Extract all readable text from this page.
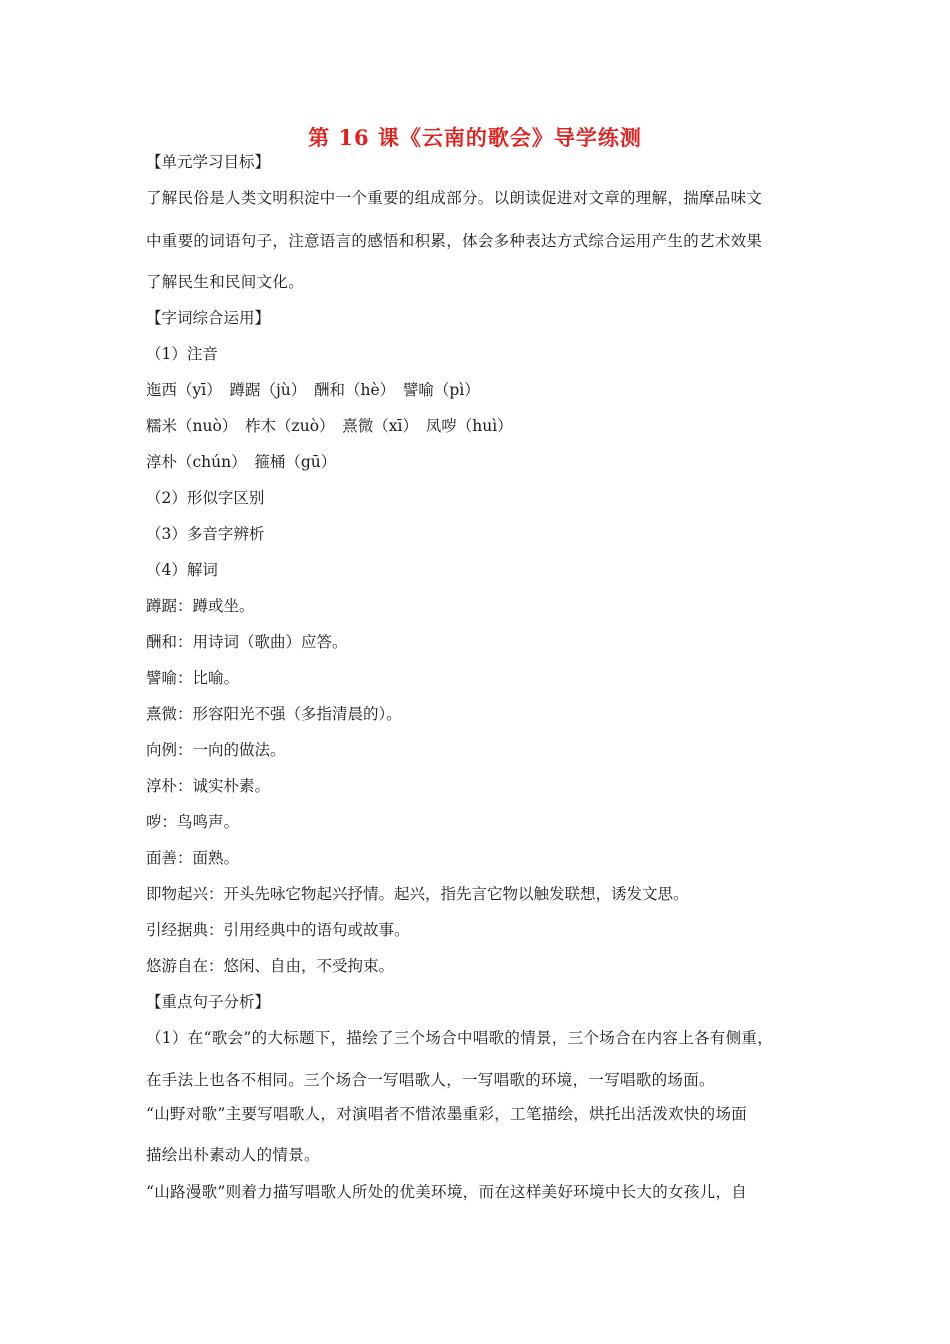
第 16 课《云南的歌会》导学练测
【单元学习目标】
了解民俗是人类文明积淀中一个重要的组成部分。以朗读促进对文章的理解，揣摩品味文
中重要的词语句子，注意语言的感悟和积累，体会多种表达方式综合运用产生的艺术效果
了解民生和民间文化。
【字词综合运用】
（1）注音
迤西（yī）　蹲踞（jù）　酬和（hè）　譬喻（pì）
糯米（nuò）　柞木（zuò）　熹微（xī）　凤哕（huì）
淳朴（chún）　箍桶（gū）
（2）形似字区别
（3）多音字辨析
（4）解词
蹲踞：蹲或坐。
酬和：用诗词（歌曲）应答。
譬喻：比喻。
熹微：形容阳光不强（多指清晨的）。
向例：一向的做法。
淳朴：诚实朴素。
哕：鸟鸣声。
面善：面熟。
即物起兴：开头先咏它物起兴抒情。起兴，指先言它物以触发联想，诱发文思。
引经据典：引用经典中的语句或故事。
悠游自在：悠闲、自由，不受拘束。
【重点句子分析】
（1）在“歌会”的大标题下，描绘了三个场合中唱歌的情景，三个场合在内容上各有侧重，
在手法上也各不相同。三个场合一写唱歌人，一写唱歌的环境，一写唱歌的场面。
“山野对歌”主要写唱歌人，对演唱者不惜浓墨重彩，工笔描绘，烘托出活泼欢快的场面
描绘出朴素动人的情景。
“山路漫歌”则着力描写唱歌人所处的优美环境，而在这样美好环境中长大的女孩儿，自
